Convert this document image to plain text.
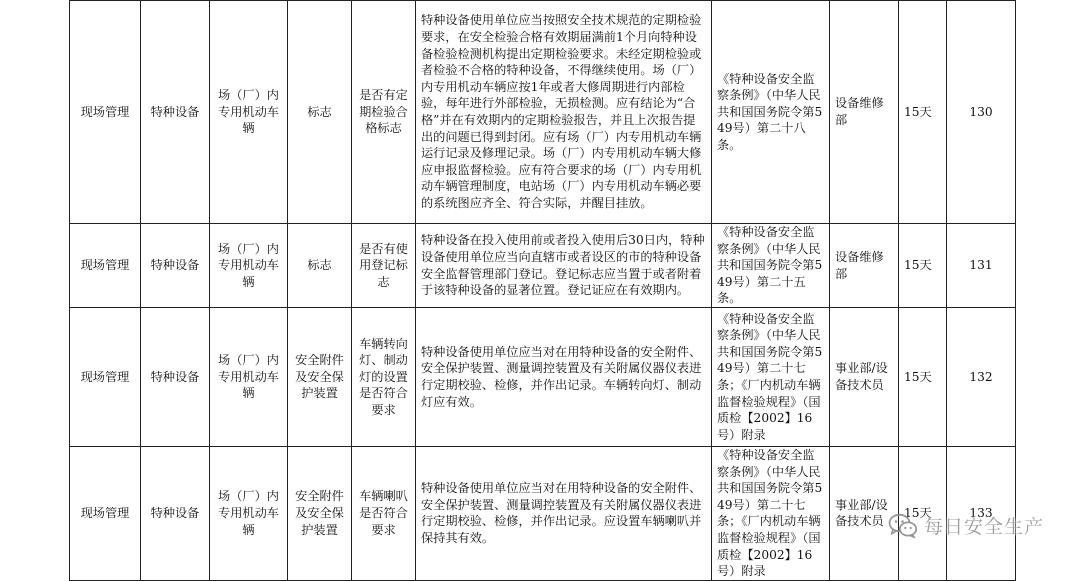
现场管理	特种设备	场（厂）内专用机动车辆	标志	是否有定期检验合格标志	特种设备使用单位应当按照安全技术规范的定期检验要求，在安全检验合格有效期届满前1个月向特种设备检验检测机构提出定期检验要求。未经定期检验或者检验不合格的特种设备，不得继续使用。场（厂）内专用机动车辆应按1年或者大修周期进行内部检验，每年进行外部检验，无损检测。应有结论为“合格”并在有效期内的定期检验报告，并且上次报告提出的问题已得到封闭。应有场（厂）内专用机动车辆运行记录及修理记录。场（厂）内专用机动车辆大修应申报监督检验。应有符合要求的场（厂）内专用机动车辆管理制度，电站场（厂）内专用机动车辆必要的系统图应齐全、符合实际，并醒目挂放。	《特种设备安全监察条例》（中华人民共和国国务院令第549号）第二十八条。	设备维修部	15天	130
现场管理	特种设备	场（厂）内专用机动车辆	标志	是否有使用登记标志	特种设备在投入使用前或者投入使用后30日内，特种设备使用单位应当向直辖市或者设区的市的特种设备安全监督管理部门登记。登记标志应当置于或者附着于该特种设备的显著位置。登记证应在有效期内。	《特种设备安全监察条例》（中华人民共和国国务院令第549号）第二十五条。	设备维修部	15天	131
现场管理	特种设备	场（厂）内专用机动车辆	安全附件及安全保护装置	车辆转向灯、制动灯的设置是否符合要求	特种设备使用单位应当对在用特种设备的安全附件、安全保护装置、测量调控装置及有关附属仪器仪表进行定期校验、检修，并作出记录。车辆转向灯、制动灯应有效。	《特种设备安全监察条例》（中华人民共和国国务院令第549号）第二十七条；《厂内机动车辆监督检验规程》（国质检【2002】16号）附录	事业部/设备技术员	15天	132
现场管理	特种设备	场（厂）内专用机动车辆	安全附件及安全保护装置	车辆喇叭是否符合要求	特种设备使用单位应当对在用特种设备的安全附件、安全保护装置、测量调控装置及有关附属仪器仪表进行定期校验、检修，并作出记录。应设置车辆喇叭并保持其有效。	《特种设备安全监察条例》（中华人民共和国国务院令第549号）第二十七条；《厂内机动车辆监督检验规程》（国质检【2002】16号）附录	事业部/设备技术员	15天	133
每日安全生产
